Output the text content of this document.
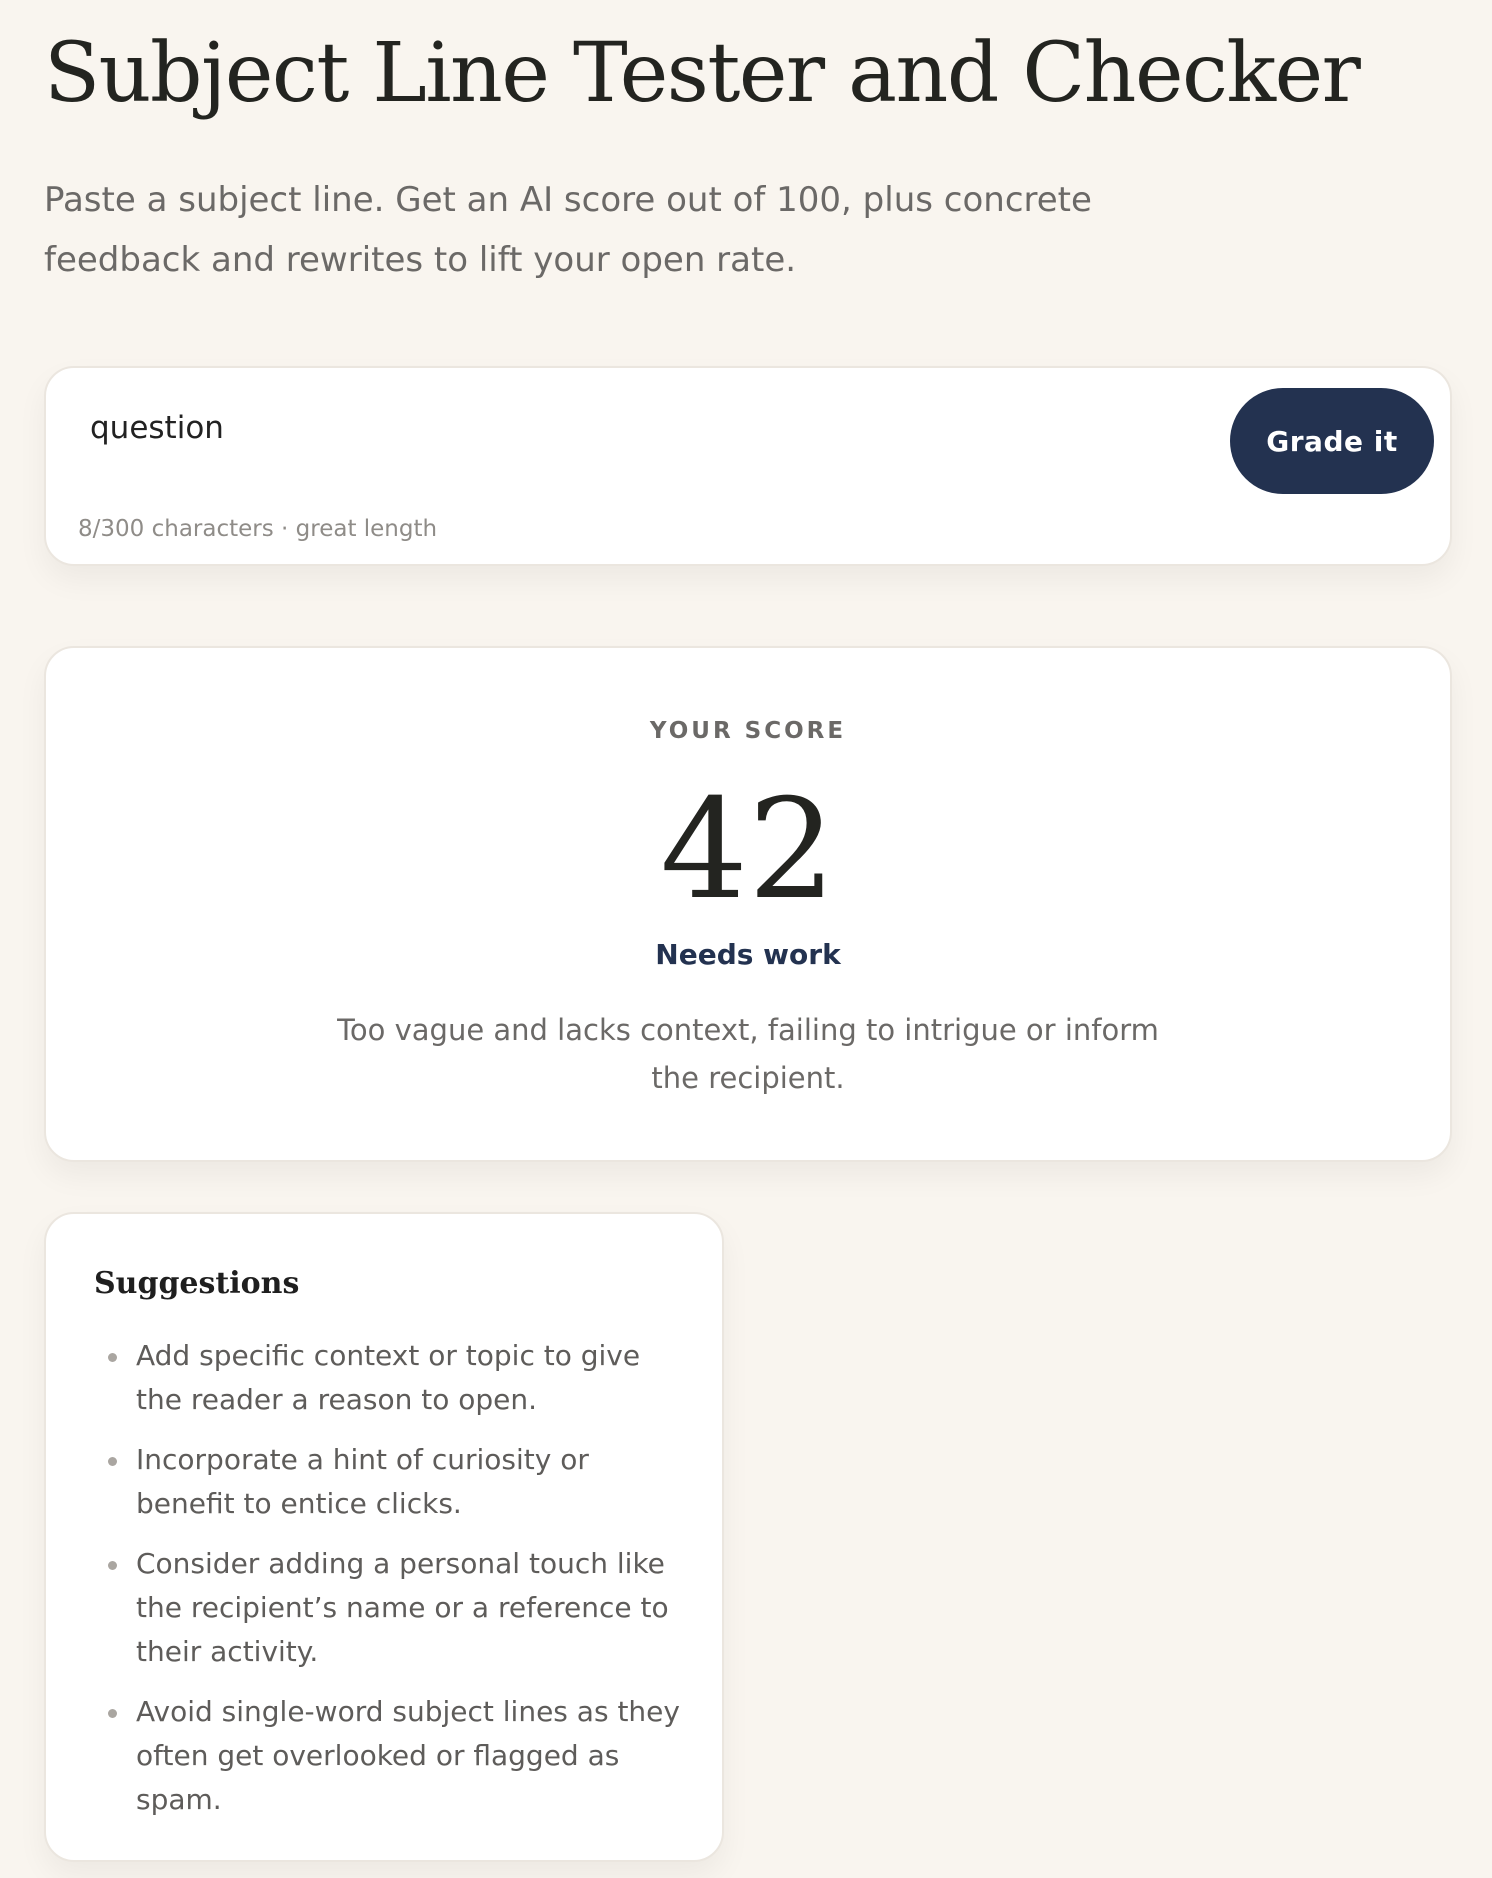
Subject Line Tester and Checker

Paste a subject line. Get an AI score out of 100, plus concrete feedback and rewrites to lift your open rate.

question
Grade it
8/300 characters · great length
YOUR SCORE
42
Needs work
Too vague and lacks context, failing to intrigue or inform the recipient.
Suggestions
Add specific context or topic to give the reader a reason to open.
Incorporate a hint of curiosity or benefit to entice clicks.
Consider adding a personal touch like the recipient’s name or a reference to their activity.
Avoid single-word subject lines as they often get overlooked or flagged as spam.
